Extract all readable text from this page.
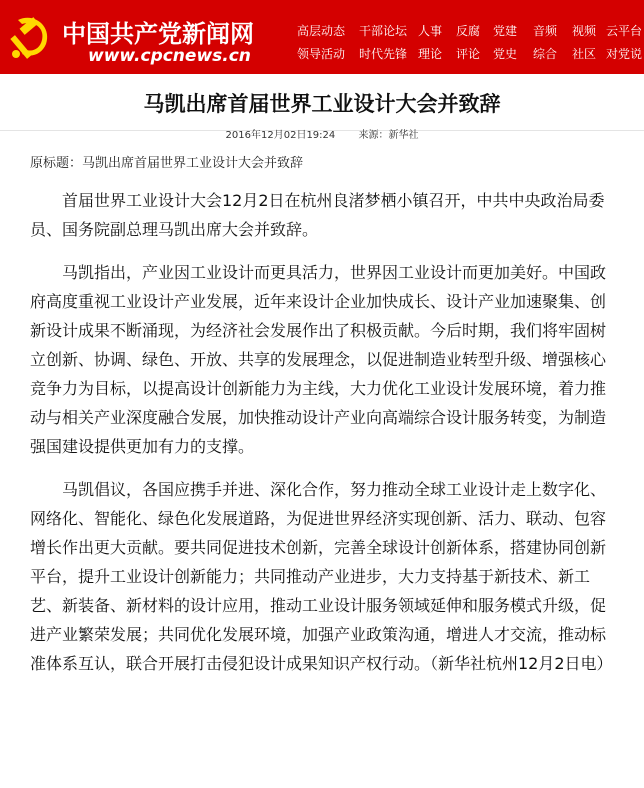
中国共产党新闻网
www.cpcnews.cn
高层动态 干部论坛 人事 反腐 党建 音频 视频 云平台
领导活动 时代先锋 理论 评论 党史 综合 社区 对党说
马凯出席首届世界工业设计大会并致辞
2016年12月02日19:24 来源：新华社
原标题：马凯出席首届世界工业设计大会并致辞

首届世界工业设计大会12月2日在杭州良渚梦栖小镇召开，中共中央政治局委员、国务院副总理马凯出席大会并致辞。

马凯指出，产业因工业设计而更具活力，世界因工业设计而更加美好。中国政府高度重视工业设计产业发展，近年来设计企业加快成长、设计产业加速聚集、创新设计成果不断涌现，为经济社会发展作出了积极贡献。今后时期，我们将牢固树立创新、协调、绿色、开放、共享的发展理念，以促进制造业转型升级、增强核心竞争力为目标，以提高设计创新能力为主线，大力优化工业设计发展环境，着力推动与相关产业深度融合发展，加快推动设计产业向高端综合设计服务转变，为制造强国建设提供更加有力的支撑。

马凯倡议，各国应携手并进、深化合作，努力推动全球工业设计走上数字化、网络化、智能化、绿色化发展道路，为促进世界经济实现创新、活力、联动、包容增长作出更大贡献。要共同促进技术创新，完善全球设计创新体系，搭建协同创新平台，提升工业设计创新能力；共同推动产业进步，大力支持基于新技术、新工艺、新装备、新材料的设计应用，推动工业设计服务领域延伸和服务模式升级，促进产业繁荣发展；共同优化发展环境，加强产业政策沟通，增进人才交流，推动标准体系互认，联合开展打击侵犯设计成果知识产权行动。（新华社杭州12月2日电）
